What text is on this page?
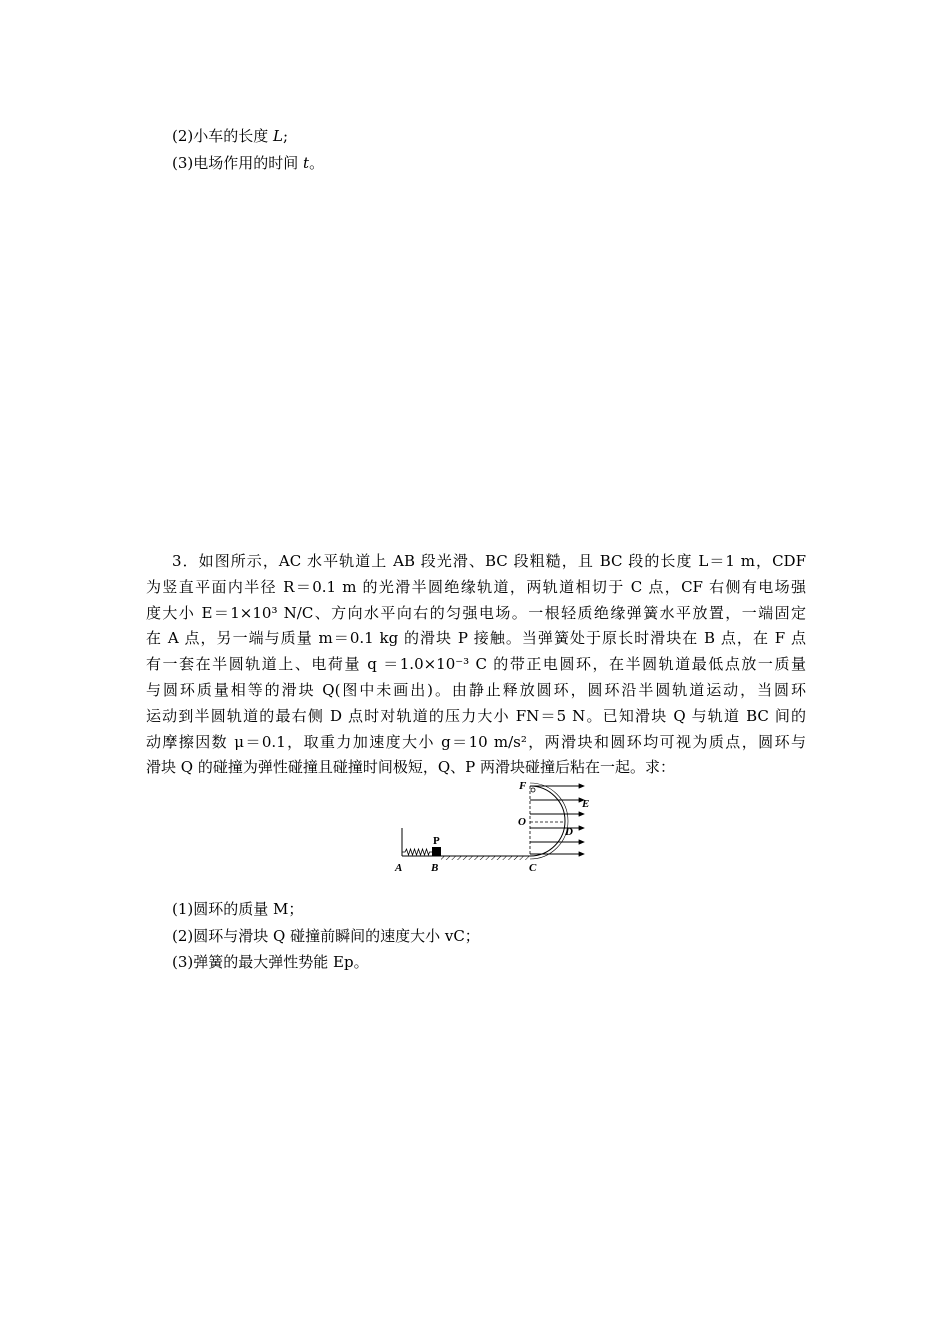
(2)小车的长度 L;
(3)电场作用的时间 t。
3．如图所示，AC 水平轨道上 AB 段光滑、BC 段粗糙，且 BC 段的长度 L＝1 m，CDF
为竖直平面内半径 R＝0.1 m 的光滑半圆绝缘轨道，两轨道相切于 C 点，CF 右侧有电场强
度大小 E＝1×10³ N/C、方向水平向右的匀强电场。一根轻质绝缘弹簧水平放置，一端固定
在 A 点，另一端与质量 m＝0.1 kg 的滑块 P 接触。当弹簧处于原长时滑块在 B 点，在 F 点
有一套在半圆轨道上、电荷量 q ＝1.0×10⁻³ C 的带正电圆环，在半圆轨道最低点放一质量
与圆环质量相等的滑块 Q(图中未画出)。由静止释放圆环，圆环沿半圆轨道运动，当圆环
运动到半圆轨道的最右侧 D 点时对轨道的压力大小 FN＝5 N。已知滑块 Q 与轨道 BC 间的
动摩擦因数 μ＝0.1，取重力加速度大小 g＝10 m/s²，两滑块和圆环均可视为质点，圆环与
滑块 Q 的碰撞为弹性碰撞且碰撞时间极短，Q、P 两滑块碰撞后粘在一起。求：
F
E
O
D
P
A	B	C
(1)圆环的质量 M；
(2)圆环与滑块 Q 碰撞前瞬间的速度大小 vC；
(3)弹簧的最大弹性势能 Ep。
